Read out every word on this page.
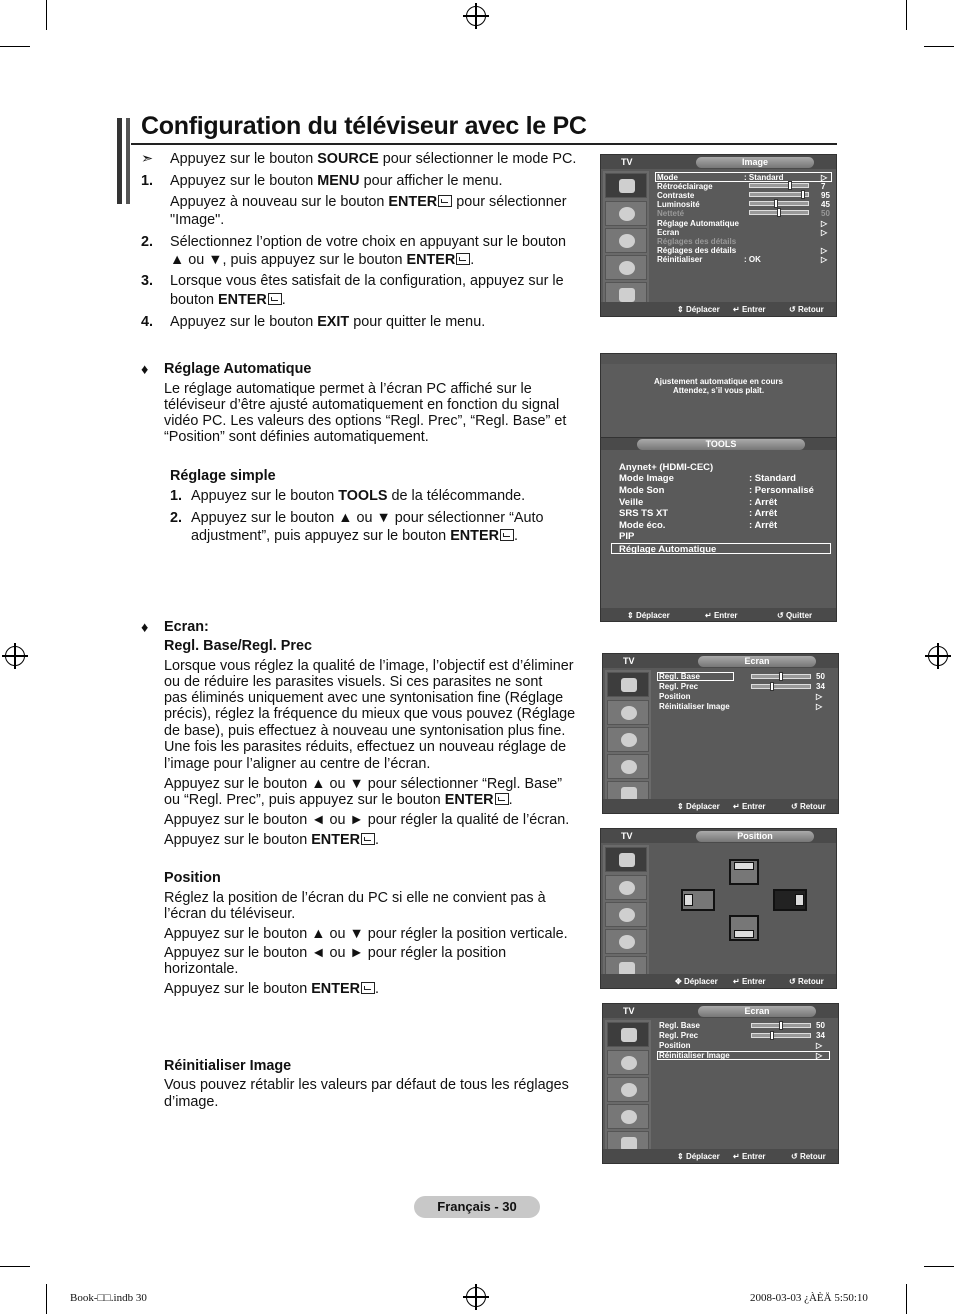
Configuration du téléviseur avec le PC
➣ Appuyez sur le bouton SOURCE pour sélectionner le mode PC.
1. Appuyez sur le bouton MENU pour afficher le menu.
Appuyez à nouveau sur le bouton ENTER pour sélectionner
"Image".
2. Sélectionnez l’option de votre choix en appuyant sur le bouton
▲ ou ▼, puis appuyez sur le bouton ENTER .
3. Lorsque vous êtes satisfait de la configuration, appuyez sur le
bouton ENTER .
4. Appuyez sur le bouton EXIT pour quitter le menu.
♦ Réglage Automatique
Le réglage automatique permet à l’écran PC affiché sur le
téléviseur d’être ajusté automatiquement en fonction du signal
vidéo PC. Les valeurs des options “Regl. Prec”, “Regl. Base” et
“Position” sont définies automatiquement.
Réglage simple
1. Appuyez sur le bouton TOOLS de la télécommande.
2. Appuyez sur le bouton ▲ ou ▼ pour sélectionner “Auto
adjustment”, puis appuyez sur le bouton ENTER .
♦ Ecran:
Regl. Base/Regl. Prec
Lorsque vous réglez la qualité de l’image, l’objectif est d’éliminer
ou de réduire les parasites visuels. Si ces parasites ne sont
pas éliminés uniquement avec une syntonisation fine (Réglage
précis), réglez la fréquence du mieux que vous pouvez (Réglage
de base), puis effectuez à nouveau une syntonisation plus fine.
Une fois les parasites réduits, effectuez un nouveau réglage de
l’image pour l’aligner au centre de l’écran.
Appuyez sur le bouton ▲ ou ▼ pour sélectionner “Regl. Base”
ou “Regl. Prec”, puis appuyez sur le bouton ENTER .
Appuyez sur le bouton ◄ ou ► pour régler la qualité de l’écran.
Appuyez sur le bouton ENTER .
Position
Réglez la position de l’écran du PC si elle ne convient pas à
l’écran du téléviseur.
Appuyez sur le bouton ▲ ou ▼ pour régler la position verticale.
Appuyez sur le bouton ◄ ou ► pour régler la position
horizontale.
Appuyez sur le bouton ENTER .
Réinitialiser Image
Vous pouvez rétablir les valeurs par défaut de tous les réglages
d’image.
TV	Image
Mode	: Standard	▷
Rétroéclairage	7
Contraste	95
Luminosité	45
Netteté	50
Réglage Automatique	▷
Ecran	▷
Réglages des détails
Réglages des détails	▷
Réinitialiser	: OK	▷
⇕ Déplacer ↵ Entrer	↺ Retour
Ajustement automatique en cours
Attendez, s’il vous plaît.
TOOLS
Anynet+ (HDMI-CEC)
Mode Image	: Standard
Mode Son	: Personnalisé
Veille	: Arrêt
SRS TS XT	: Arrêt
Mode éco.	: Arrêt
PIP
Réglage Automatique
⇕ Déplacer	↵ Entrer	↺ Quitter
TV	Ecran
Regl. Base	50
Regl. Prec	34
Position	▷
Réinitialiser Image	▷
⇕ Déplacer ↵ Entrer	↺ Retour
TV	Position
✥ Déplacer ↵ Entrer	↺ Retour
TV	Ecran
Regl. Base	50
Regl. Prec	34
Position	▷
Réinitialiser Image	▷
⇕ Déplacer ↵ Entrer	↺ Retour
Français - 30
Book-□□.indb 30	2008-03-03 ¿ÀÈÄ 5:50:10
